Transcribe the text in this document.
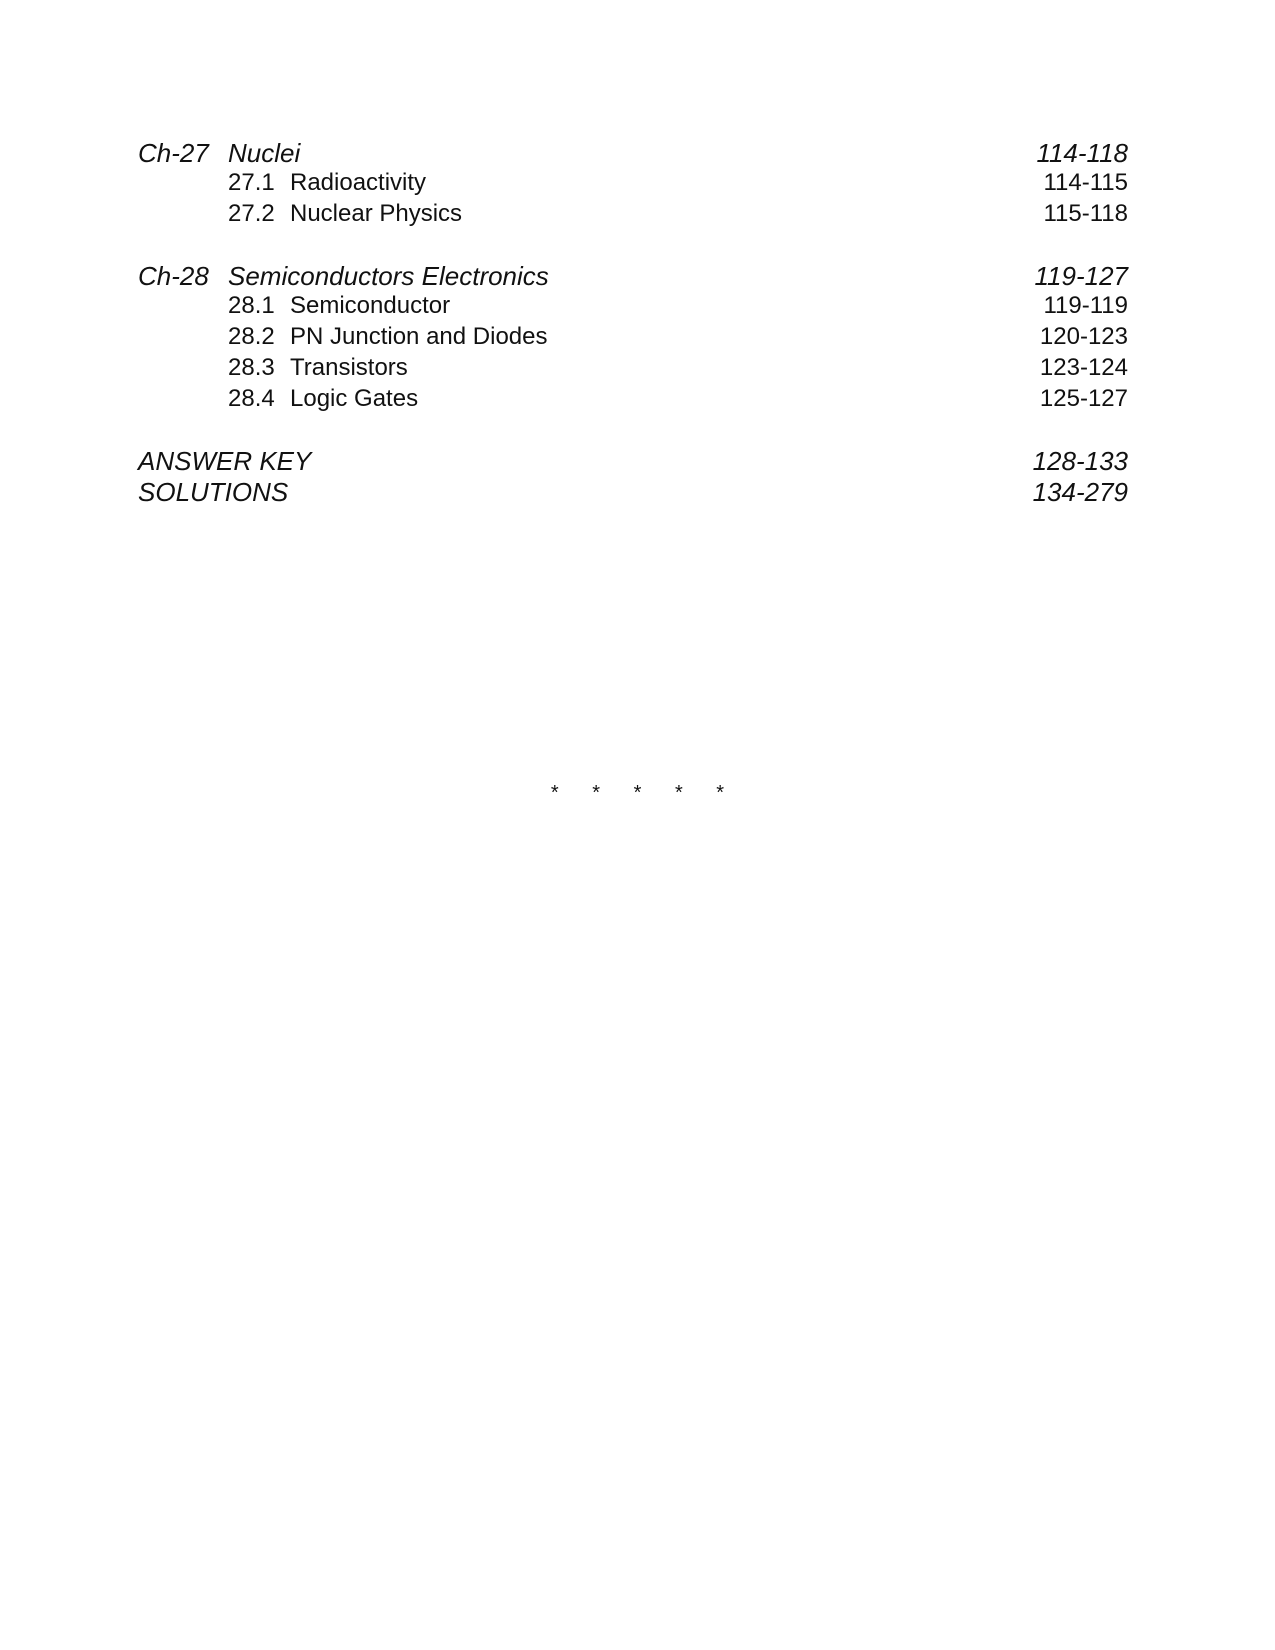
Ch-27 Nuclei	114-118
27.1 Radioactivity	114-115
27.2 Nuclear Physics	115-118
Ch-28 Semiconductors Electronics	119-127
28.1 Semiconductor	119-119
28.2 PN Junction and Diodes	120-123
28.3 Transistors	123-124
28.4 Logic Gates	125-127
ANSWER KEY	128-133
SOLUTIONS	134-279
* * * * *
